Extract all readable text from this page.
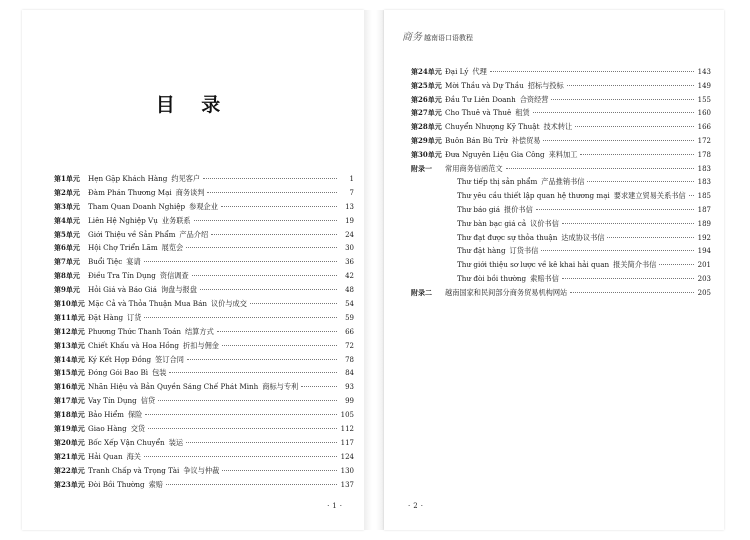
目 录
第1单元	Hẹn Gặp Khách Hàng 约见客户	1
第2单元	Đàm Phán Thương Mại 商务谈判	7
第3单元	Tham Quan Doanh Nghiệp 参观企业	13
第4单元	Liên Hệ Nghiệp Vụ 业务联系	19
第5单元	Giới Thiệu về Sản Phẩm 产品介绍	24
第6单元	Hội Chợ Triển Lãm 展览会	30
第7单元	Buổi Tiệc 宴请	36
第8单元	Điều Tra Tín Dụng 资信调查	42
第9单元	Hỏi Giá và Báo Giá 询盘与报盘	48
第10单元 Mặc Cả và Thỏa Thuận Mua Bán 议价与成交	54
第11单元 Đặt Hàng 订货	59
第12单元 Phương Thức Thanh Toán 结算方式	66
第13单元 Chiết Khấu và Hoa Hồng 折扣与佣金	72
第14单元 Ký Kết Hợp Đồng 签订合同	78
第15单元 Đóng Gói Bao Bì 包装	84
第16单元 Nhãn Hiệu và Bản Quyền Sáng Chế Phát Minh 商标与专利	93
第17单元 Vay Tín Dụng 信贷	99
第18单元 Bảo Hiểm 保险	105
第19单元 Giao Hàng 交货	112
第20单元 Bốc Xếp Vận Chuyển 装运	117
第21单元 Hải Quan 海关	124
第22单元 Tranh Chấp và Trọng Tài 争议与仲裁	130
第23单元 Đòi Bồi Thường 索赔	137
· 1 ·
商务 越南语口语教程
第24单元 Đại Lý 代理	143
第25单元 Mời Thầu và Dự Thầu 招标与投标	149
第26单元 Đầu Tư Liên Doanh 合资经营	155
第27单元 Cho Thuê và Thuê 租赁	160
第28单元 Chuyển Nhượng Kỹ Thuật 技术转让	166
第29单元 Buôn Bán Bù Trừ 补偿贸易	172
第30单元 Đưa Nguyên Liệu Gia Công 来料加工	178
附录一	常用商务信函范文	183
Thư tiếp thị sản phẩm 产品推销书信	183
Thư yêu cầu thiết lập quan hệ thương mại 要求建立贸易关系书信 185
Thư báo giá 报价书信	187
Thư bàn bạc giá cả 议价书信	189
Thư đạt được sự thỏa thuận 达成协议书信	192
Thư đặt hàng 订货书信	194
Thư giới thiệu sơ lược về kê khai hải quan 报关简介书信	201
Thư đòi bồi thường 索赔书信	203
附录二	越南国家和民间部分商务贸易机构网站	205
· 2 ·
